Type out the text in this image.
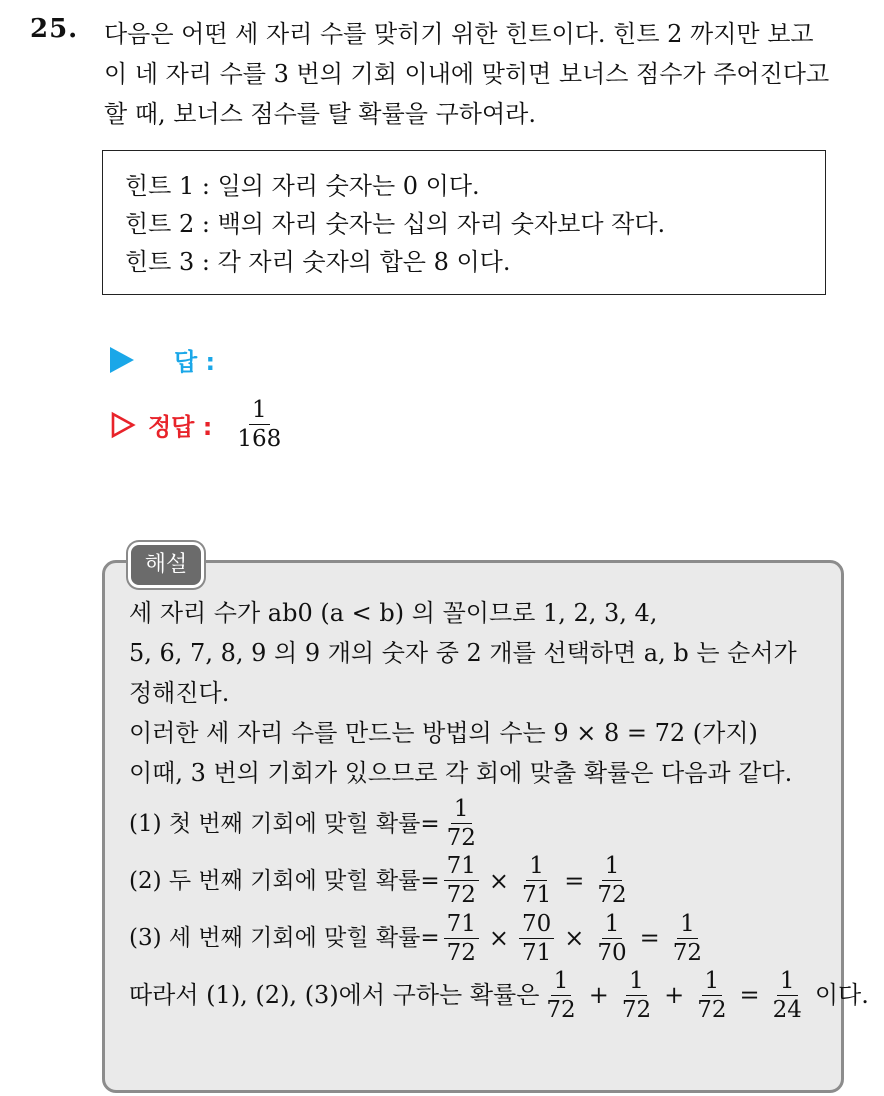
25. 다음은 어떤 세 자리 수를 맞히기 위한 힌트이다. 힌트 2 까지만 보고
이 네 자리 수를 3 번의 기회 이내에 맞히면 보너스 점수가 주어진다고
할 때, 보너스 점수를 탈 확률을 구하여라.
힌트 1 : 일의 자리 숫자는 0 이다.
힌트 2 : 백의 자리 숫자는 십의 자리 숫자보다 작다.
힌트 3 : 각 자리 숫자의 합은 8 이다.
답 :
정답 : $\frac{1}{168}$
해설
세 자리 수가 ab0 (a < b) 의 꼴이므로 1, 2, 3, 4,
5, 6, 7, 8, 9 의 9 개의 숫자 중 2 개를 선택하면 a, b 는 순서가
정해진다.
이러한 세 자리 수를 만드는 방법의 수는 9 × 8 = 72 (가지)
이때, 3 번의 기회가 있으므로 각 회에 맞출 확률은 다음과 같다.
(1) 첫 번째 기회에 맞힐 확률= $\frac{1}{72}$
(2) 두 번째 기회에 맞힐 확률= $\frac{71}{72} \times \frac{1}{71} = \frac{1}{72}$
(3) 세 번째 기회에 맞힐 확률= $\frac{71}{72} \times \frac{70}{71} \times \frac{1}{70} = \frac{1}{72}$
따라서 (1), (2), (3)에서 구하는 확률은 $\frac{1}{72} + \frac{1}{72} + \frac{1}{72} = \frac{1}{24}$ 이다.
